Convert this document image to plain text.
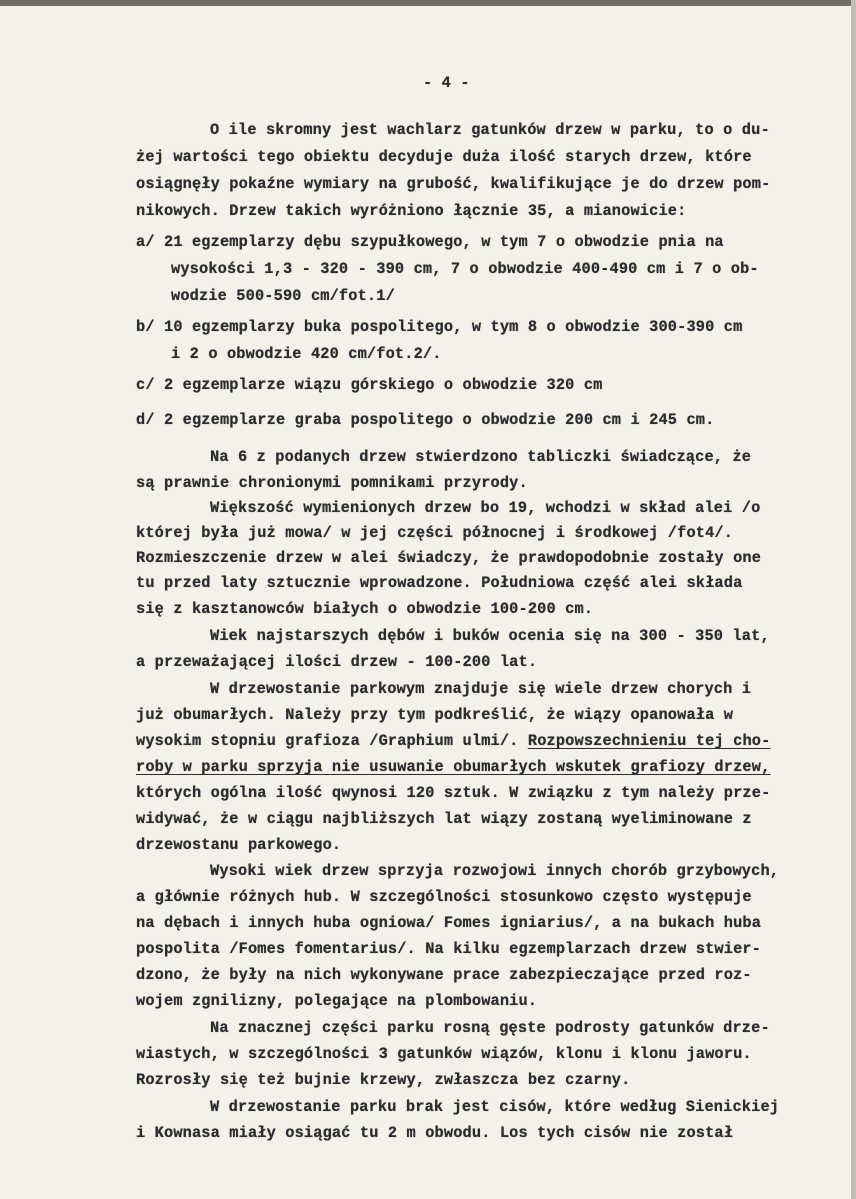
- 4 -
O ile skromny jest wachlarz gatunków drzew w parku, to o du-
żej wartości tego obiektu decyduje duża ilość starych drzew, które
osiągnęły pokaźne wymiary na grubość, kwalifikujące je do drzew pom-
nikowych. Drzew takich wyróżniono łącznie 35, a mianowicie:
a/ 21 egzemplarzy dębu szypułkowego, w tym 7 o obwodzie pnia na
wysokości 1,3 - 320 - 390 cm, 7 o obwodzie 400-490 cm i 7 o ob-
wodzie 500-590 cm/fot.1/
b/ 10 egzemplarzy buka pospolitego, w tym 8 o obwodzie 300-390 cm
i 2 o obwodzie 420 cm/fot.2/.
c/ 2 egzemplarze wiązu górskiego o obwodzie 320 cm
d/ 2 egzemplarze graba pospolitego o obwodzie 200 cm i 245 cm.
Na 6 z podanych drzew stwierdzono tabliczki świadczące, że
są prawnie chronionymi pomnikami przyrody.
Większość wymienionych drzew bo 19, wchodzi w skład alei /o
której była już mowa/ w jej części północnej i środkowej /fot4/.
Rozmieszczenie drzew w alei świadczy, że prawdopodobnie zostały one
tu przed laty sztucznie wprowadzone. Południowa część alei składa
się z kasztanowców białych o obwodzie 100-200 cm.
Wiek najstarszych dębów i buków ocenia się na 300 - 350 lat,
a przeważającej ilości drzew - 100-200 lat.
W drzewostanie parkowym znajduje się wiele drzew chorych i
już obumarłych. Należy przy tym podkreślić, że wiązy opanowała w
wysokim stopniu grafioza /Graphium ulmi/. Rozpowszechnieniu tej cho-
roby w parku sprzyja nie usuwanie obumarłych wskutek grafiozy drzew,
których ogólna ilość qwynosi 120 sztuk. W związku z tym należy prze-
widywać, że w ciągu najbliższych lat wiązy zostaną wyeliminowane z
drzewostanu parkowego.
Wysoki wiek drzew sprzyja rozwojowi innych chorób grzybowych,
a głównie różnych hub. W szczególności stosunkowo często występuje
na dębach i innych huba ogniowa/ Fomes igniarius/, a na bukach huba
pospolita /Fomes fomentarius/. Na kilku egzemplarzach drzew stwier-
dzono, że były na nich wykonywane prace zabezpieczające przed roz-
wojem zgnilizny, polegające na plombowaniu.
Na znacznej części parku rosną gęste podrosty gatunków drze-
wiastych, w szczególności 3 gatunków wiązów, klonu i klonu jaworu.
Rozrosły się też bujnie krzewy, zwłaszcza bez czarny.
W drzewostanie parku brak jest cisów, które według Sienickiej
i Kownasa miały osiągać tu 2 m obwodu. Los tych cisów nie został
